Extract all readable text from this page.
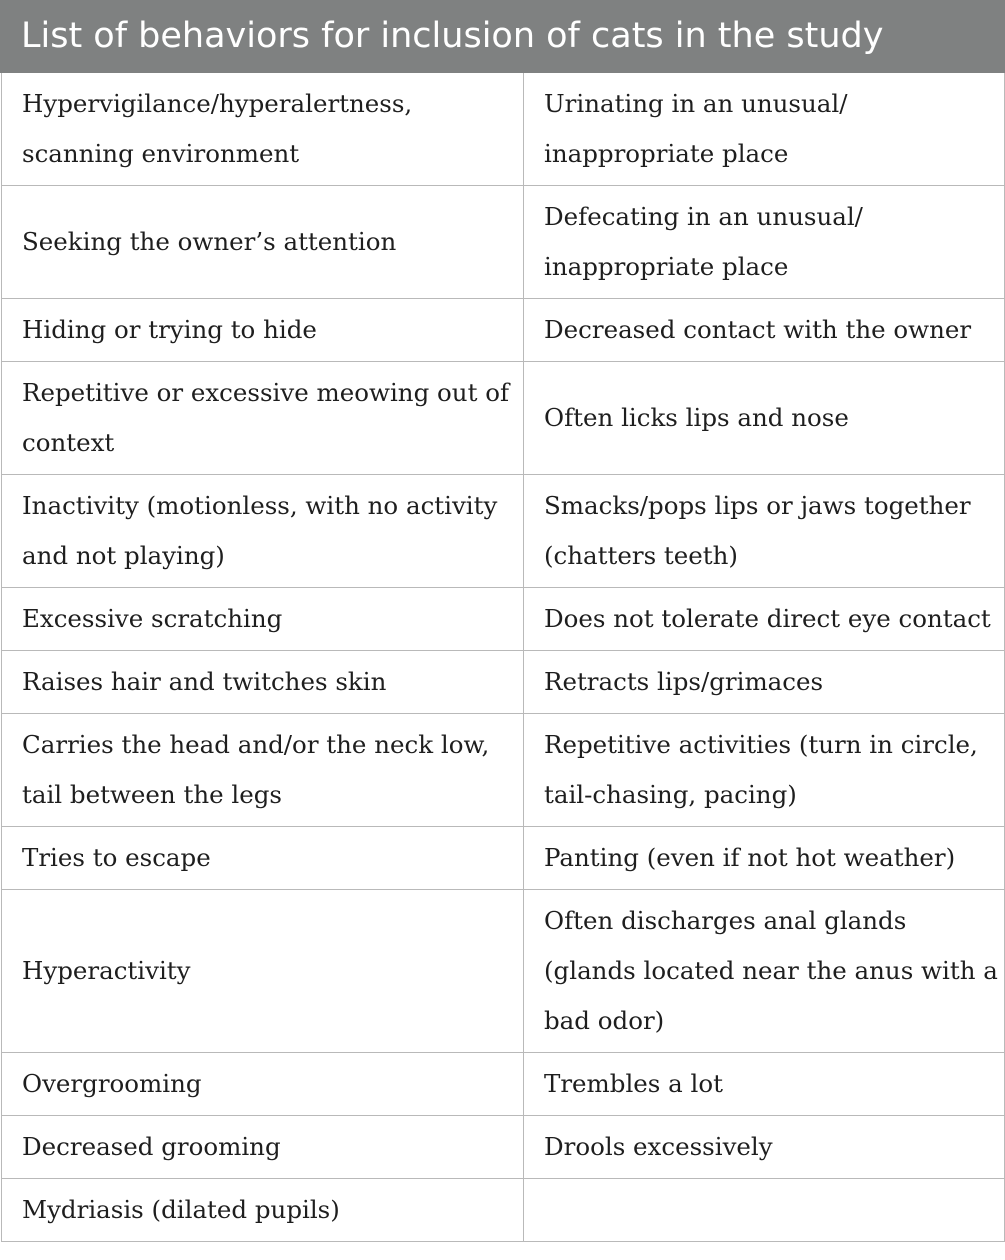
List of behaviors for inclusion of cats in the study
Hypervigilance/hyperalertness, scanning environment	Urinating in an unusual/ inappropriate place
Seeking the owner’s attention	Defecating in an unusual/ inappropriate place
Hiding or trying to hide	Decreased contact with the owner
Repetitive or excessive meowing out of context	Often licks lips and nose
Inactivity (motionless, with no activity and not playing)	Smacks/pops lips or jaws together (chatters teeth)
Excessive scratching	Does not tolerate direct eye contact
Raises hair and twitches skin	Retracts lips/grimaces
Carries the head and/or the neck low, tail between the legs	Repetitive activities (turn in circle, tail-chasing, pacing)
Tries to escape	Panting (even if not hot weather)
Hyperactivity	Often discharges anal glands (glands located near the anus with a bad odor)
Overgrooming	Trembles a lot
Decreased grooming	Drools excessively
Mydriasis (dilated pupils)	
